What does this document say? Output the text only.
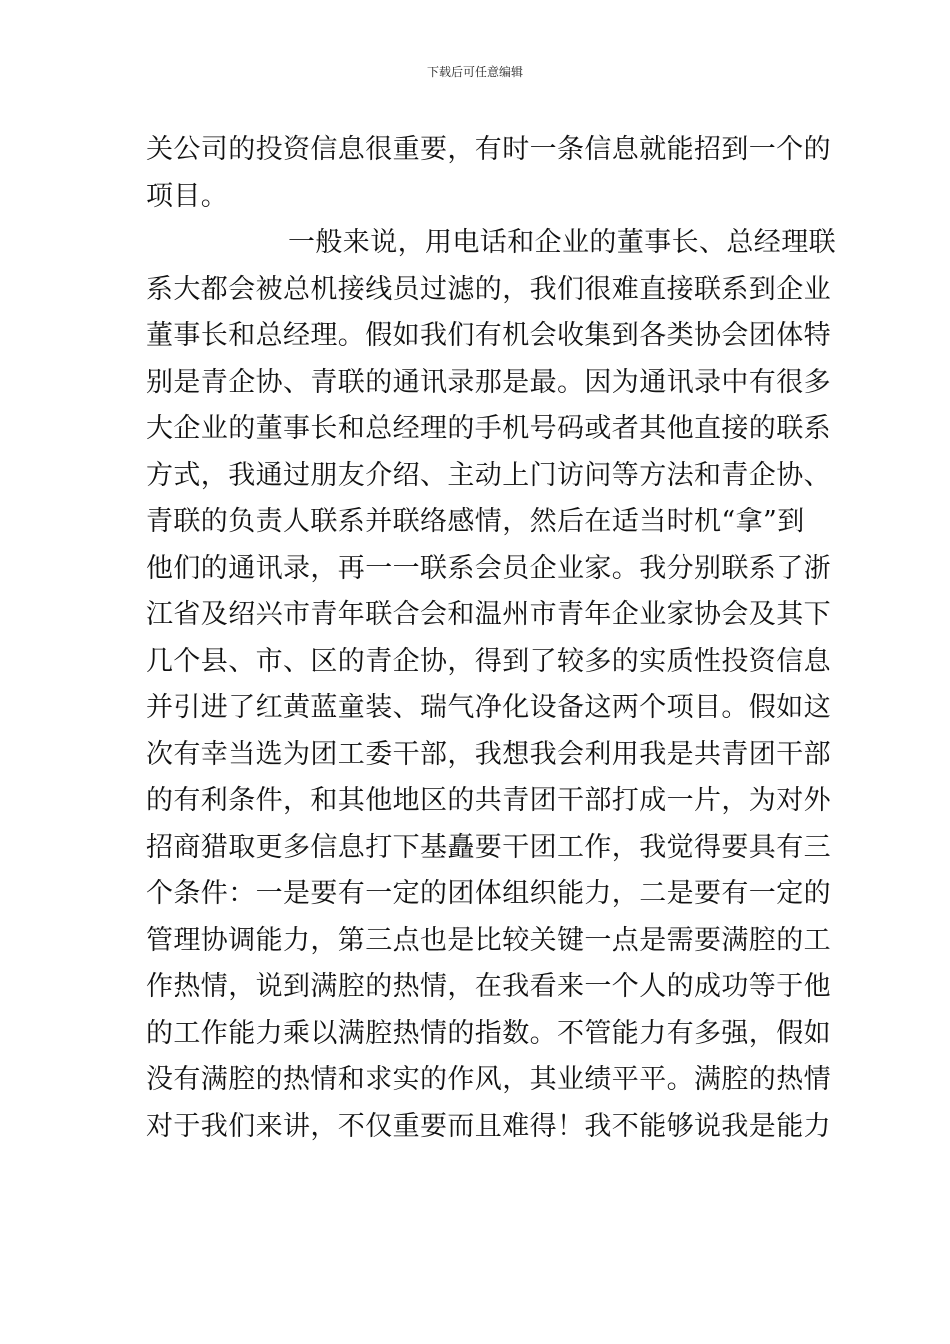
下载后可任意编辑
关公司的投资信息很重要，有时一条信息就能招到一个的
项目。
一般来说，用电话和企业的董事长、总经理联
系大都会被总机接线员过滤的，我们很难直接联系到企业
董事长和总经理。假如我们有机会收集到各类协会团体特
别是青企协、青联的通讯录那是最。因为通讯录中有很多
大企业的董事长和总经理的手机号码或者其他直接的联系
方式，我通过朋友介绍、主动上门访问等方法和青企协、
青联的负责人联系并联络感情，然后在适当时机“拿”到
他们的通讯录，再一一联系会员企业家。我分别联系了浙
江省及绍兴市青年联合会和温州市青年企业家协会及其下
几个县、市、区的青企协，得到了较多的实质性投资信息
并引进了红黄蓝童装、瑞气净化设备这两个项目。假如这
次有幸当选为团工委干部，我想我会利用我是共青团干部
的有利条件，和其他地区的共青团干部打成一片，为对外
招商猎取更多信息打下基矗要干团工作，我觉得要具有三
个条件：一是要有一定的团体组织能力，二是要有一定的
管理协调能力，第三点也是比较关键一点是需要满腔的工
作热情，说到满腔的热情，在我看来一个人的成功等于他
的工作能力乘以满腔热情的指数。不管能力有多强，假如
没有满腔的热情和求实的作风，其业绩平平。满腔的热情
对于我们来讲，不仅重要而且难得！我不能够说我是能力
